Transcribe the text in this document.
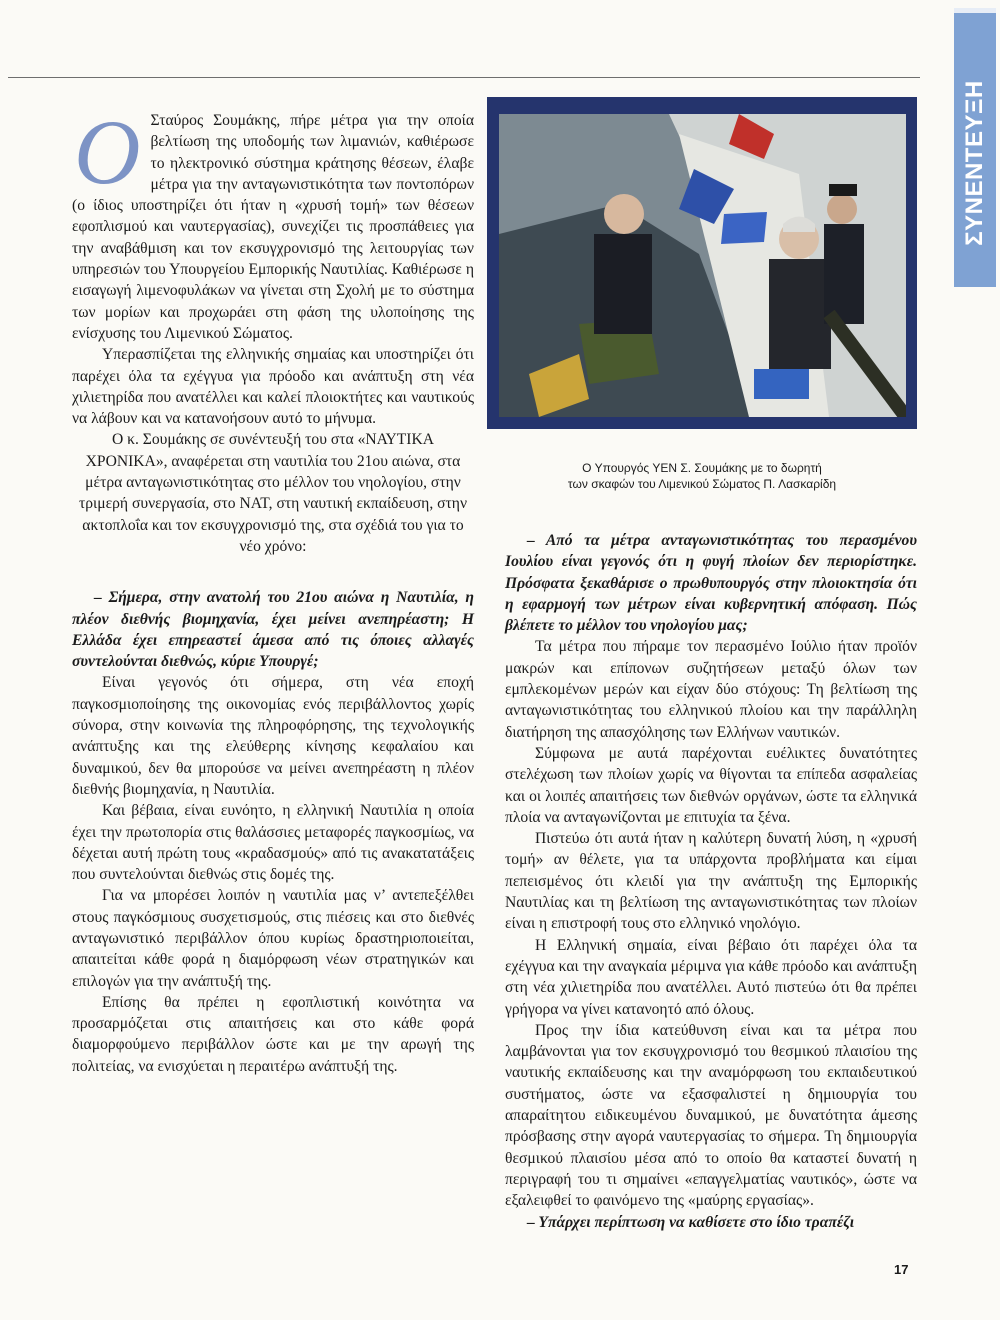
ΣΥΝΕΝΤΕΥΞΗ

Ο Σταύρος Σουμάκης, πήρε μέτρα για την οποία βελτίωση της υποδομής των λιμανιών, καθιέρωσε το ηλεκτρονικό σύστημα κράτησης θέσεων, έλαβε μέτρα για την ανταγωνιστικότητα των ποντοπόρων (ο ίδιος υποστηρίζει ότι ήταν η «χρυσή τομή» των θέσεων εφοπλισμού και ναυτεργασίας), συνεχίζει τις προσπάθειες για την αναβάθμιση και τον εκσυγχρονισμό της λειτουργίας των υπηρεσιών του Υπουργείου Εμπορικής Ναυτιλίας. Καθιέρωσε η εισαγωγή λιμενοφυλάκων να γίνεται στη Σχολή με το σύστημα των μορίων και προχωράει στη φάση της υλοποίησης της ενίσχυσης του Λιμενικού Σώματος.

Υπερασπίζεται της ελληνικής σημαίας και υποστηρίζει ότι παρέχει όλα τα εχέγγυα για πρόοδο και ανάπτυξη στη νέα χιλιετηρίδα που ανατέλλει και καλεί πλοιοκτήτες και ναυτικούς να λάβουν και να κατανοήσουν αυτό το μήνυμα.

Ο κ. Σουμάκης σε συνέντευξή του στα «ΝΑΥΤΙΚΑ ΧΡΟΝΙΚΑ», αναφέρεται στη ναυτιλία του 21ου αιώνα, στα μέτρα ανταγωνιστικότητας στο μέλλον του νηολογίου, στην τριμερή συνεργασία, στο ΝΑΤ, στη ναυτική εκπαίδευση, στην ακτοπλοΐα και τον εκσυγχρονισμό της, στα σχέδιά του για το νέο χρόνο:

– Σήμερα, στην ανατολή του 21ου αιώνα η Ναυτιλία, η πλέον διεθνής βιομηχανία, έχει μείνει ανεπηρέαστη; Η Ελλάδα έχει επηρεαστεί άμεσα από τις όποιες αλλαγές συντελούνται διεθνώς, κύριε Υπουργέ;

Είναι γεγονός ότι σήμερα, στη νέα εποχή παγκοσμιοποίησης της οικονομίας ενός περιβάλλοντος χωρίς σύνορα, στην κοινωνία της πληροφόρησης, της τεχνολογικής ανάπτυξης και της ελεύθερης κίνησης κεφαλαίου και δυναμικού, δεν θα μπορούσε να μείνει ανεπηρέαστη η πλέον διεθνής βιομηχανία, η Ναυτιλία.

Και βέβαια, είναι ευνόητο, η ελληνική Ναυτιλία η οποία έχει την πρωτοπορία στις θαλάσσιες μεταφορές παγκοσμίως, να δέχεται αυτή πρώτη τους «κραδασμούς» από τις ανακατατάξεις που συντελούνται διεθνώς στις δομές της.

Για να μπορέσει λοιπόν η ναυτιλία μας ν’ αντεπεξέλθει στους παγκόσμιους συσχετισμούς, στις πιέσεις και στο διεθνές ανταγωνιστικό περιβάλλον όπου κυρίως δραστηριοποιείται, απαιτείται κάθε φορά η διαμόρφωση νέων στρατηγικών και επιλογών για την ανάπτυξή της.

Επίσης θα πρέπει η εφοπλιστική κοινότητα να προσαρμόζεται στις απαιτήσεις και στο κάθε φορά διαμορφούμενο περιβάλλον ώστε και με την αρωγή της πολιτείας, να ενισχύεται η περαιτέρω ανάπτυξή της.

Ο Υπουργός ΥΕΝ Σ. Σουμάκης με το δωρητή
των σκαφών του Λιμενικού Σώματος Π. Λασκαρίδη

– Από τα μέτρα ανταγωνιστικότητας του περασμένου Ιουλίου είναι γεγονός ότι η φυγή πλοίων δεν περιορίστηκε. Πρόσφατα ξεκαθάρισε ο πρωθυπουργός στην πλοιοκτησία ότι η εφαρμογή των μέτρων είναι κυβερνητική απόφαση. Πώς βλέπετε το μέλλον του νηολογίου μας;

Τα μέτρα που πήραμε τον περασμένο Ιούλιο ήταν προϊόν μακρών και επίπονων συζητήσεων μεταξύ όλων των εμπλεκομένων μερών και είχαν δύο στόχους: Τη βελτίωση της ανταγωνιστικότητας του ελληνικού πλοίου και την παράλληλη διατήρηση της απασχόλησης των Ελλήνων ναυτικών.

Σύμφωνα με αυτά παρέχονται ευέλικτες δυνατότητες στελέχωση των πλοίων χωρίς να θίγονται τα επίπεδα ασφαλείας και οι λοιπές απαιτήσεις των διεθνών οργάνων, ώστε τα ελληνικά πλοία να ανταγωνίζονται με επιτυχία τα ξένα.

Πιστεύω ότι αυτά ήταν η καλύτερη δυνατή λύση, η «χρυσή τομή» αν θέλετε, για τα υπάρχοντα προβλήματα και είμαι πεπεισμένος ότι κλειδί για την ανάπτυξη της Εμπορικής Ναυτιλίας και τη βελτίωση της ανταγωνιστικότητας των πλοίων είναι η επιστροφή τους στο ελληνικό νηολόγιο.

Η Ελληνική σημαία, είναι βέβαιο ότι παρέχει όλα τα εχέγγυα και την αναγκαία μέριμνα για κάθε πρόοδο και ανάπτυξη στη νέα χιλιετηρίδα που ανατέλλει. Αυτό πιστεύω ότι θα πρέπει γρήγορα να γίνει κατανοητό από όλους.

Προς την ίδια κατεύθυνση είναι και τα μέτρα που λαμβάνονται για τον εκσυγχρονισμό του θεσμικού πλαισίου της ναυτικής εκπαίδευσης και την αναμόρφωση του εκπαιδευτικού συστήματος, ώστε να εξασφαλιστεί η δημιουργία του απαραίτητου ειδικευμένου δυναμικού, με δυνατότητα άμεσης πρόσβασης στην αγορά ναυτεργασίας το σήμερα. Τη δημιουργία θεσμικού πλαισίου μέσα από το οποίο θα καταστεί δυνατή η περιγραφή του τι σημαίνει «επαγγελματίας ναυτικός», ώστε να εξαλειφθεί το φαινόμενο της «μαύρης εργασίας».

– Υπάρχει περίπτωση να καθίσετε στο ίδιο τραπέζι

17
